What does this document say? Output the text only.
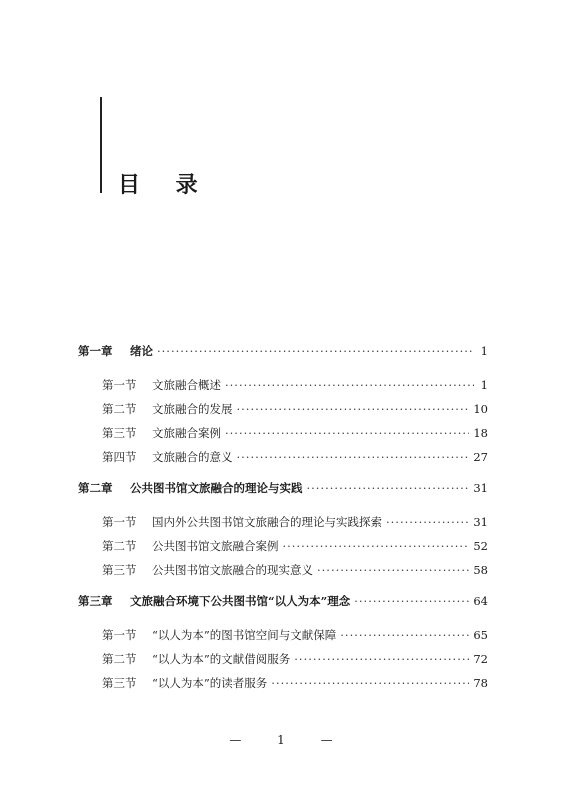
目 录
第一章 绪论 ·····	1
第一节 文旅融合概述 ·····	1
第二节 文旅融合的发展 ·····	10
第三节 文旅融合案例 ·····	18
第四节 文旅融合的意义 ·····	27
第二章 公共图书馆文旅融合的理论与实践 ·····	31
第一节 国内外公共图书馆文旅融合的理论与实践探索 ·····	31
第二节 公共图书馆文旅融合案例 ·····	52
第三节 公共图书馆文旅融合的现实意义 ·····	58
第三章 文旅融合环境下公共图书馆“以人为本”理念 ·····	64
第一节 “以人为本”的图书馆空间与文献保障 ·····	65
第二节 “以人为本”的文献借阅服务 ·····	72
第三节 “以人为本”的读者服务 ·····	78
—	1	—
